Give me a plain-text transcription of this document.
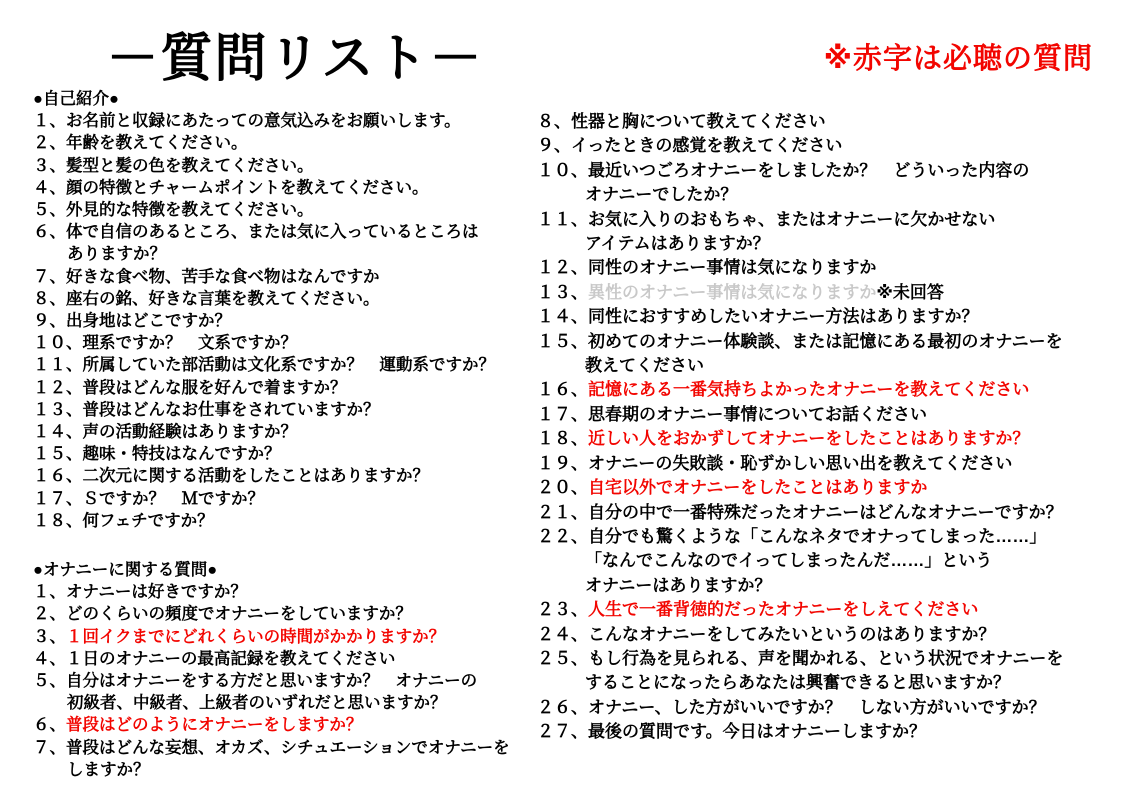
－質問リスト－	※赤字は必聴の質問
●自己紹介●
１、お名前と収録にあたっての意気込みをお願いします。
２、年齢を教えてください。
３、髪型と髪の色を教えてください。
４、顔の特徴とチャームポイントを教えてください。
５、外見的な特徴を教えてください。
６、体で自信のあるところ、または気に入っているところは
ありますか？
７、好きな食べ物、苦手な食べ物はなんですか
８、座右の銘、好きな言葉を教えてください。
９、出身地はどこですか？
１０、理系ですか？　文系ですか？
１１、所属していた部活動は文化系ですか？　運動系ですか？
１２、普段はどんな服を好んで着ますか？
１３、普段はどんなお仕事をされていますか？
１４、声の活動経験はありますか？
１５、趣味・特技はなんですか？
１６、二次元に関する活動をしたことはありますか？
１７、Ｓですか？　Ｍですか？
１８、何フェチですか？
●オナニーに関する質問●
１、オナニーは好きですか？
２、どのくらいの頻度でオナニーをしていますか？
３、１回イクまでにどれくらいの時間がかかりますか？
４、１日のオナニーの最高記録を教えてください
５、自分はオナニーをする方だと思いますか？　オナニーの
初級者、中級者、上級者のいずれだと思いますか？
６、普段はどのようにオナニーをしますか？
７、普段はどんな妄想、オカズ、シチュエーションでオナニーを
しますか？
８、性器と胸について教えてください
９、イったときの感覚を教えてください
１０、最近いつごろオナニーをしましたか？　どういった内容の
オナニーでしたか？
１１、お気に入りのおもちゃ、またはオナニーに欠かせない
アイテムはありますか？
１２、同性のオナニー事情は気になりますか
１３、異性のオナニー事情は気になりますか※未回答
１４、同性におすすめしたいオナニー方法はありますか？
１５、初めてのオナニー体験談、または記憶にある最初のオナニーを
教えてください
１６、記憶にある一番気持ちよかったオナニーを教えてください
１７、思春期のオナニー事情についてお話ください
１８、近しい人をおかずしてオナニーをしたことはありますか？
１９、オナニーの失敗談・恥ずかしい思い出を教えてください
２０、自宅以外でオナニーをしたことはありますか
２１、自分の中で一番特殊だったオナニーはどんなオナニーですか？
２２、自分でも驚くような「こんなネタでオナってしまった……」
「なんでこんなのでイってしまったんだ……」という
オナニーはありますか？
２３、人生で一番背徳的だったオナニーをしえてください
２４、こんなオナニーをしてみたいというのはありますか？
２５、もし行為を見られる、声を聞かれる、という状況でオナニーを
することになったらあなたは興奮できると思いますか？
２６、オナニー、した方がいいですか？　しない方がいいですか？
２７、最後の質問です。今日はオナニーしますか？
